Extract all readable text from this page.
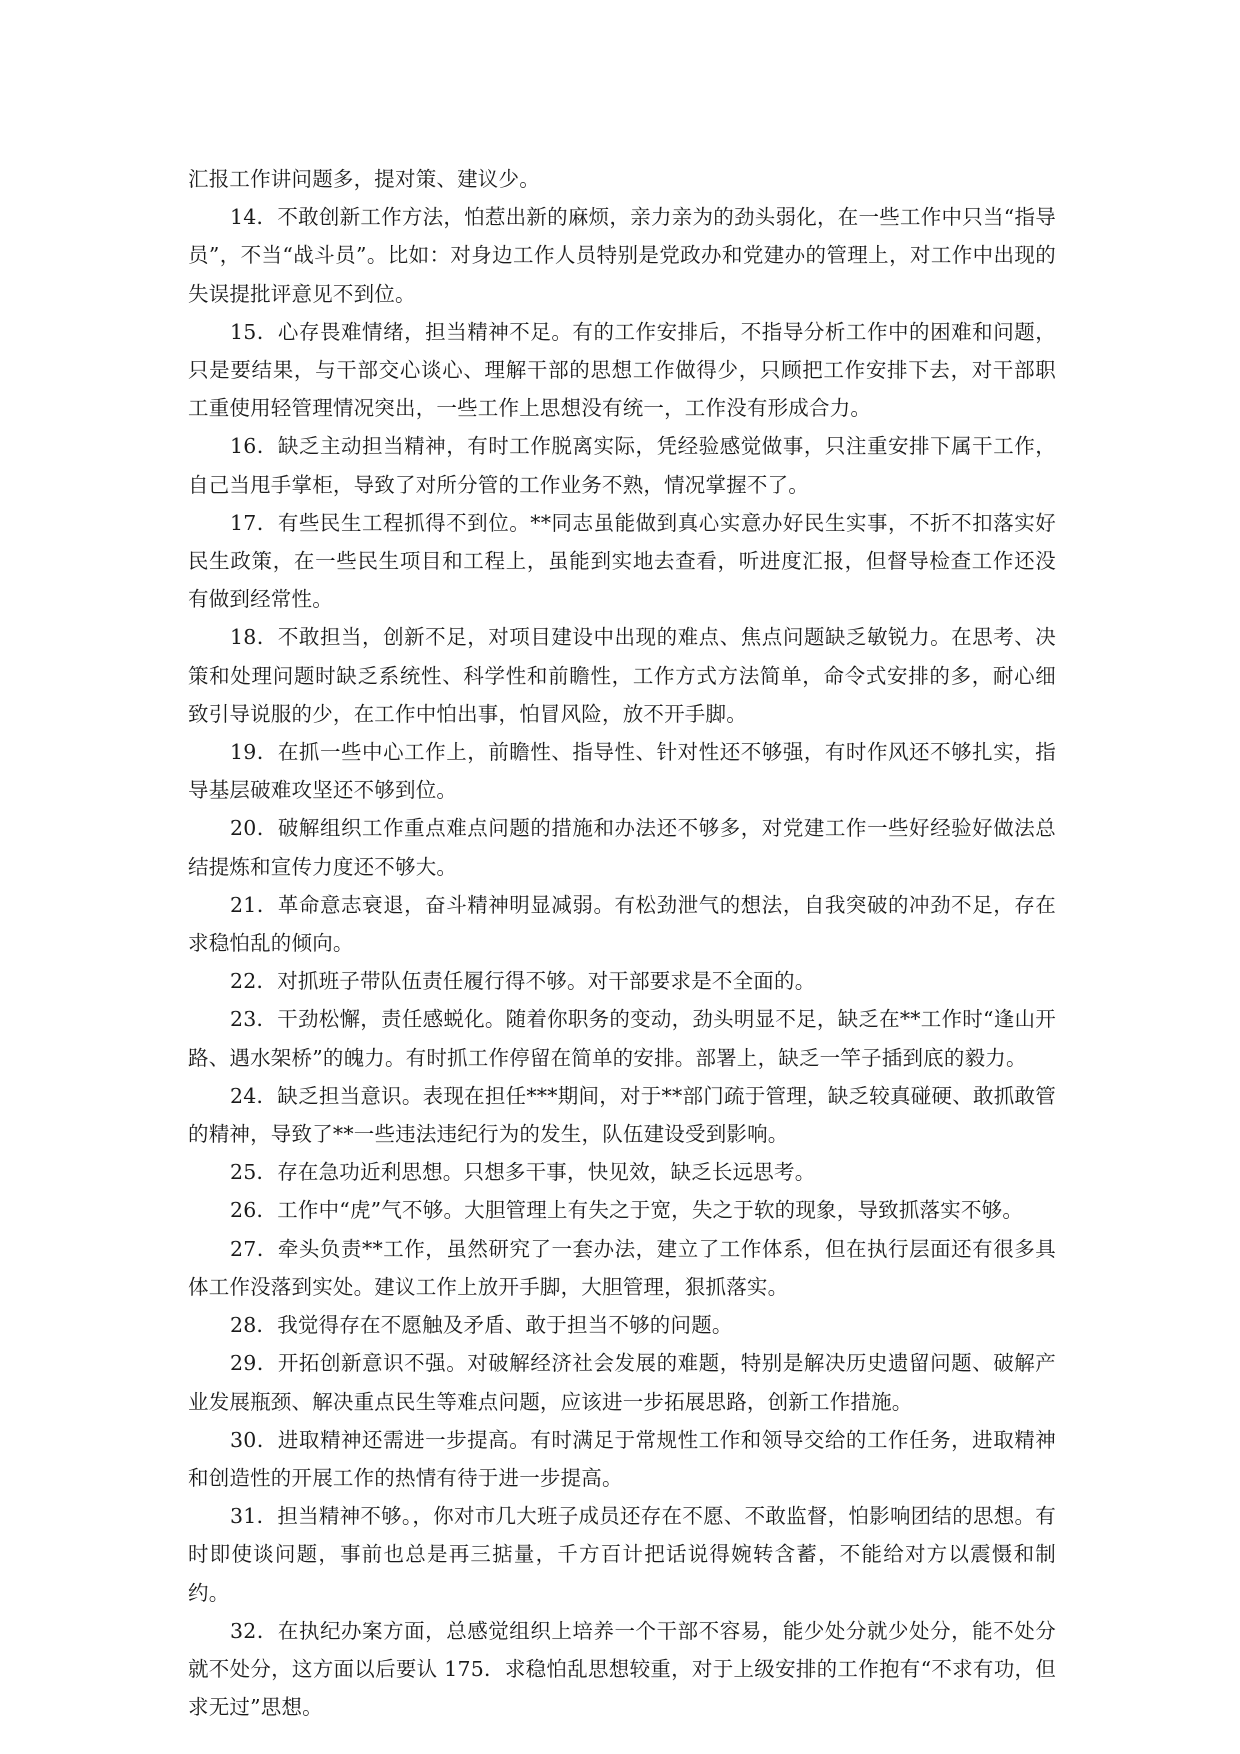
汇报工作讲问题多，提对策、建议少。

14．不敢创新工作方法，怕惹出新的麻烦，亲力亲为的劲头弱化，在一些工作中只当“指导员”，不当“战斗员”。比如：对身边工作人员特别是党政办和党建办的管理上，对工作中出现的失误提批评意见不到位。

15．心存畏难情绪，担当精神不足。有的工作安排后，不指导分析工作中的困难和问题，只是要结果，与干部交心谈心、理解干部的思想工作做得少，只顾把工作安排下去，对干部职工重使用轻管理情况突出，一些工作上思想没有统一，工作没有形成合力。

16．缺乏主动担当精神，有时工作脱离实际，凭经验感觉做事，只注重安排下属干工作，自己当甩手掌柜，导致了对所分管的工作业务不熟，情况掌握不了。

17．有些民生工程抓得不到位。**同志虽能做到真心实意办好民生实事，不折不扣落实好民生政策，在一些民生项目和工程上，虽能到实地去查看，听进度汇报，但督导检查工作还没有做到经常性。

18．不敢担当，创新不足，对项目建设中出现的难点、焦点问题缺乏敏锐力。在思考、决策和处理问题时缺乏系统性、科学性和前瞻性，工作方式方法简单，命令式安排的多，耐心细致引导说服的少，在工作中怕出事，怕冒风险，放不开手脚。

19．在抓一些中心工作上，前瞻性、指导性、针对性还不够强，有时作风还不够扎实，指导基层破难攻坚还不够到位。

20．破解组织工作重点难点问题的措施和办法还不够多，对党建工作一些好经验好做法总结提炼和宣传力度还不够大。

21．革命意志衰退，奋斗精神明显减弱。有松劲泄气的想法，自我突破的冲劲不足，存在求稳怕乱的倾向。

22．对抓班子带队伍责任履行得不够。对干部要求是不全面的。

23．干劲松懈，责任感蜕化。随着你职务的变动，劲头明显不足，缺乏在**工作时“逢山开路、遇水架桥”的魄力。有时抓工作停留在简单的安排。部署上，缺乏一竿子插到底的毅力。

24．缺乏担当意识。表现在担任***期间，对于**部门疏于管理，缺乏较真碰硬、敢抓敢管的精神，导致了**一些违法违纪行为的发生，队伍建设受到影响。

25．存在急功近利思想。只想多干事，快见效，缺乏长远思考。

26．工作中“虎”气不够。大胆管理上有失之于宽，失之于软的现象，导致抓落实不够。

27．牵头负责**工作，虽然研究了一套办法，建立了工作体系，但在执行层面还有很多具体工作没落到实处。建议工作上放开手脚，大胆管理，狠抓落实。

28．我觉得存在不愿触及矛盾、敢于担当不够的问题。

29．开拓创新意识不强。对破解经济社会发展的难题，特别是解决历史遗留问题、破解产业发展瓶颈、解决重点民生等难点问题，应该进一步拓展思路，创新工作措施。

30．进取精神还需进一步提高。有时满足于常规性工作和领导交给的工作任务，进取精神和创造性的开展工作的热情有待于进一步提高。

31．担当精神不够。，你对市几大班子成员还存在不愿、不敢监督，怕影响团结的思想。有时即使谈问题，事前也总是再三掂量，千方百计把话说得婉转含蓄，不能给对方以震慑和制约。

32．在执纪办案方面，总感觉组织上培养一个干部不容易，能少处分就少处分，能不处分就不处分，这方面以后要认 175．求稳怕乱思想较重，对于上级安排的工作抱有“不求有功，但求无过”思想。
